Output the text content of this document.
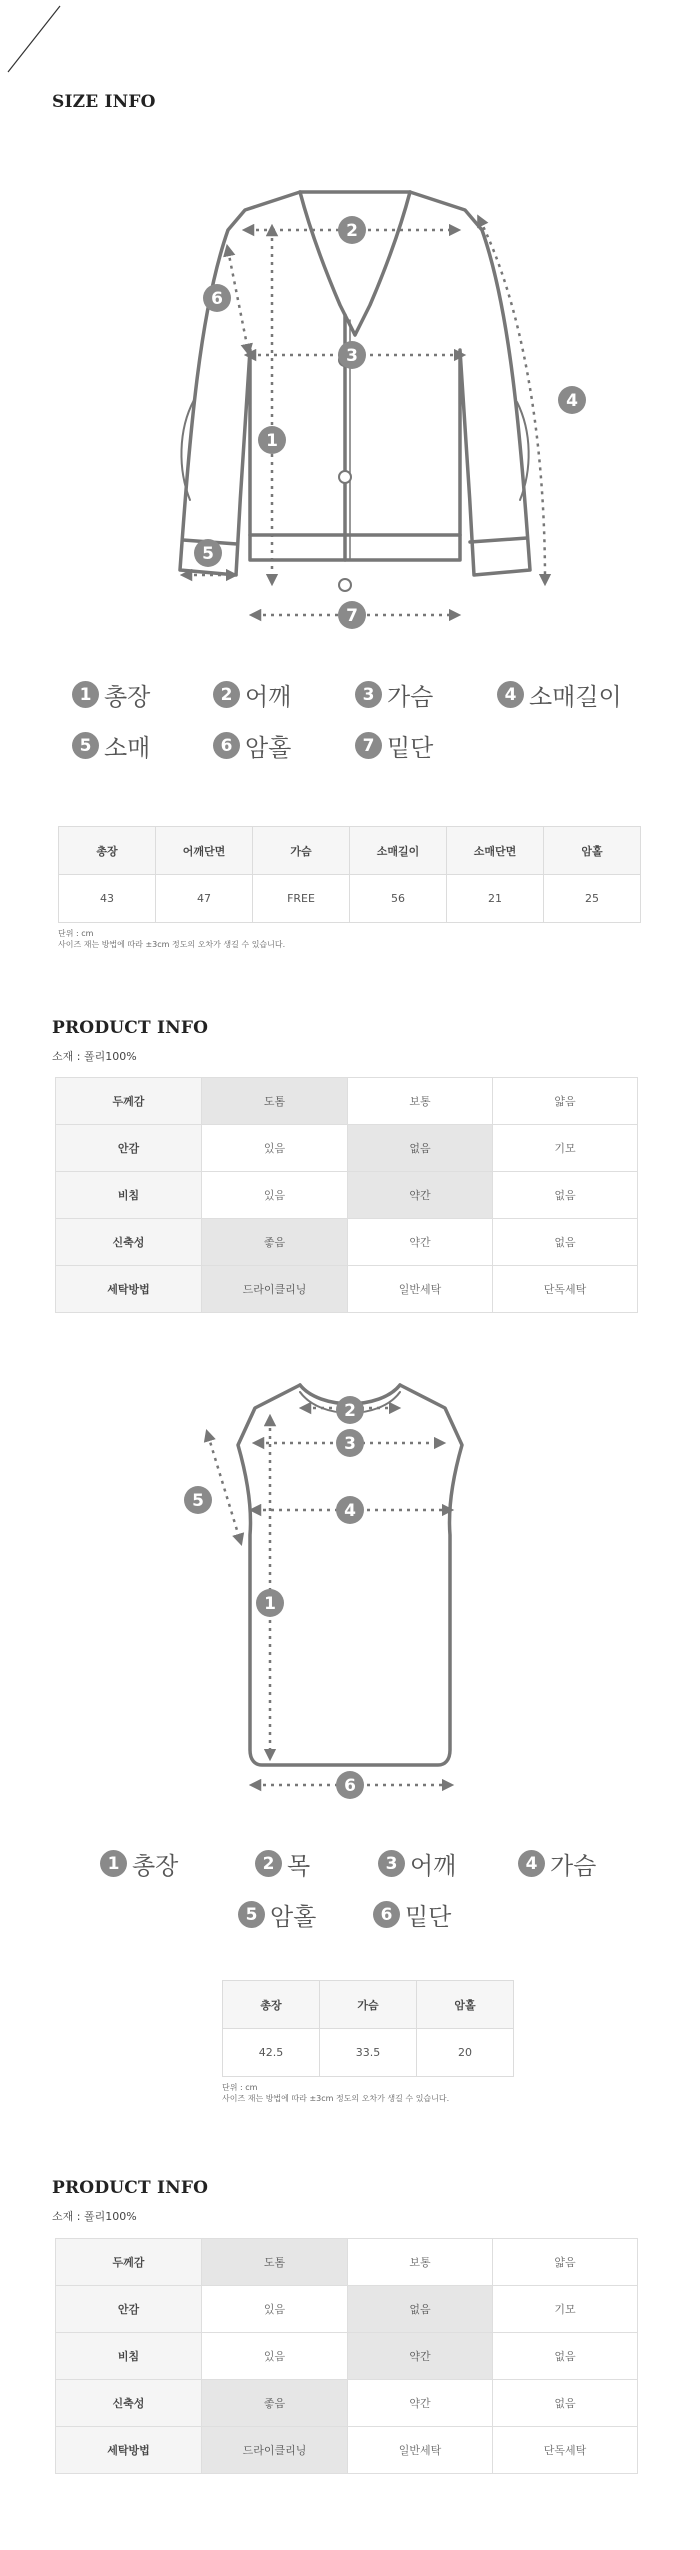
SIZE INFO
1
2
3
4
5
6
7
1 총장	2 어깨	3 가슴	4 소매길이
5 소매	6 암홀	7 밑단
총장	어깨단면	가슴	소매길이	소매단면	암홀
43	47	FREE	56	21	25
단위 : cm
사이즈 재는 방법에 따라 ±3cm 정도의 오차가 생길 수 있습니다.
PRODUCT INFO
소재 : 폴리100%
두께감	도톰	보통	얇음
안감	있음	없음	기모
비침	있음	약간	없음
신축성	좋음	약간	없음
세탁방법	드라이클리닝	일반세탁	단독세탁
1
2
3
4
5
6
1 총장	2 목	3 어깨	4 가슴
5 암홀	6 밑단
총장	가슴	암홀
42.5	33.5	20
단위 : cm
사이즈 재는 방법에 따라 ±3cm 정도의 오차가 생길 수 있습니다.
PRODUCT INFO
소재 : 폴리100%
두께감	도톰	보통	얇음
안감	있음	없음	기모
비침	있음	약간	없음
신축성	좋음	약간	없음
세탁방법	드라이클리닝	일반세탁	단독세탁
